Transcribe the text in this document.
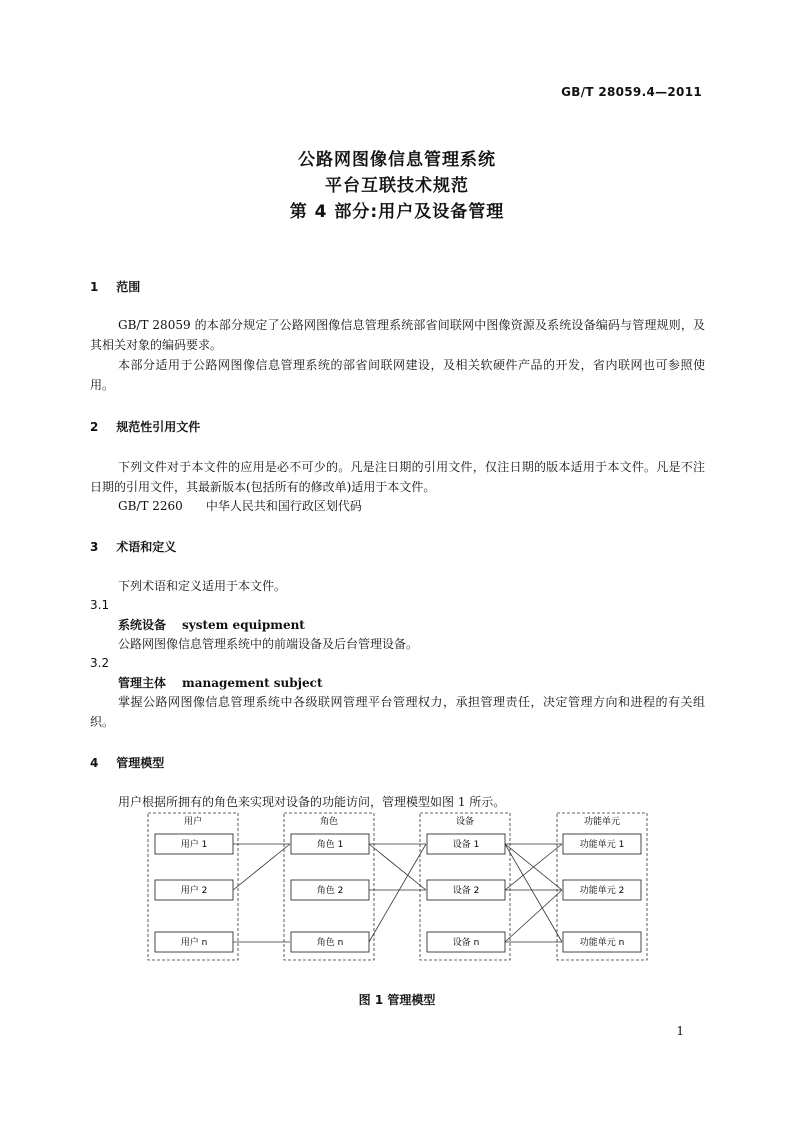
GB/T 28059.4—2011
公路网图像信息管理系统
平台互联技术规范
第 4 部分:用户及设备管理
1 范围
GB/T 28059 的本部分规定了公路网图像信息管理系统部省间联网中图像资源及系统设备编码与管理规则，及其相关对象的编码要求。
本部分适用于公路网图像信息管理系统的部省间联网建设，及相关软硬件产品的开发，省内联网也可参照使用。
2 规范性引用文件
下列文件对于本文件的应用是必不可少的。凡是注日期的引用文件，仅注日期的版本适用于本文件。凡是不注日期的引用文件，其最新版本(包括所有的修改单)适用于本文件。
GB/T 2260 中华人民共和国行政区划代码
3 术语和定义
下列术语和定义适用于本文件。
3.1
系统设备 system equipment
公路网图像信息管理系统中的前端设备及后台管理设备。
3.2
管理主体 management subject
掌握公路网图像信息管理系统中各级联网管理平台管理权力，承担管理责任，决定管理方向和进程的有关组织。
4 管理模型
用户根据所拥有的角色来实现对设备的功能访问，管理模型如图 1 所示。
用户	角色	设备	功能单元
用户 1
用户 2
用户 n
角色 1
角色 2
角色 n
设备 1
设备 2
设备 n
功能单元 1
功能单元 2
功能单元 n
图 1 管理模型
1
